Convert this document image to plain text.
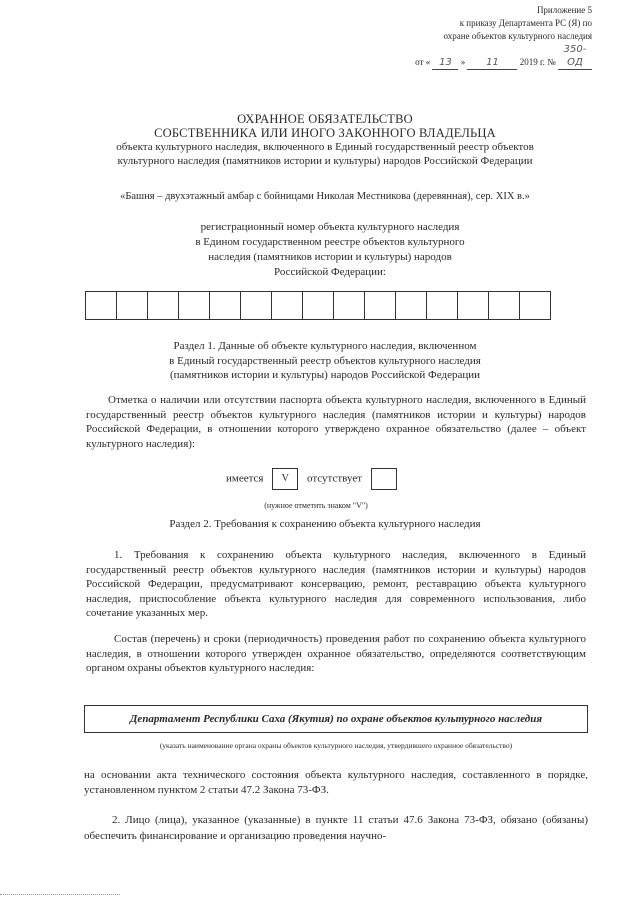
Приложение 5
к приказу Департамента РС (Я) по
охране объектов культурного наследия
от « 13 » 11 2019 г. № 350-ОД
ОХРАННОЕ ОБЯЗАТЕЛЬСТВО
СОБСТВЕННИКА ИЛИ ИНОГО ЗАКОННОГО ВЛАДЕЛЬЦА
объекта культурного наследия, включенного в Единый государственный реестр объектов
культурного наследия (памятников истории и культуры) народов Российской Федерации
«Башня – двухэтажный амбар с бойницами Николая Местникова (деревянная), сер. XIX в.»
регистрационный номер объекта культурного наследия
в Едином государственном реестре объектов культурного
наследия (памятников истории и культуры) народов
Российской Федерации:
Раздел 1. Данные об объекте культурного наследия, включенном
в Единый государственный реестр объектов культурного наследия
(памятников истории и культуры) народов Российской Федерации
Отметка о наличии или отсутствии паспорта объекта культурного наследия, включенного в Единый государственный реестр объектов культурного наследия (памятников истории и культуры) народов Российской Федерации, в отношении которого утверждено охранное обязательство (далее – объект культурного наследия):
имеется V отсутствует
(нужное отметить знаком "V")
Раздел 2. Требования к сохранению объекта культурного наследия
1. Требования к сохранению объекта культурного наследия, включенного в Единый государственный реестр объектов культурного наследия (памятников истории и культуры) народов Российской Федерации, предусматривают консервацию, ремонт, реставрацию объекта культурного наследия, приспособление объекта культурного наследия для современного использования, либо сочетание указанных мер.
Состав (перечень) и сроки (периодичность) проведения работ по сохранению объекта культурного наследия, в отношении которого утвержден охранное обязательство, определяются соответствующим органом охраны объектов культурного наследия:
Департамент Республики Саха (Якутия) по охране объектов культурного наследия
(указать наименование органа охраны объектов культурного наследия, утвердившего охранное обязательство)
на основании акта технического состояния объекта культурного наследия, составленного в порядке, установленном пунктом 2 статьи 47.2 Закона 73-ФЗ.
2. Лицо (лица), указанное (указанные) в пункте 11 статьи 47.6 Закона 73-ФЗ, обязано (обязаны) обеспечить финансирование и организацию проведения научно-
